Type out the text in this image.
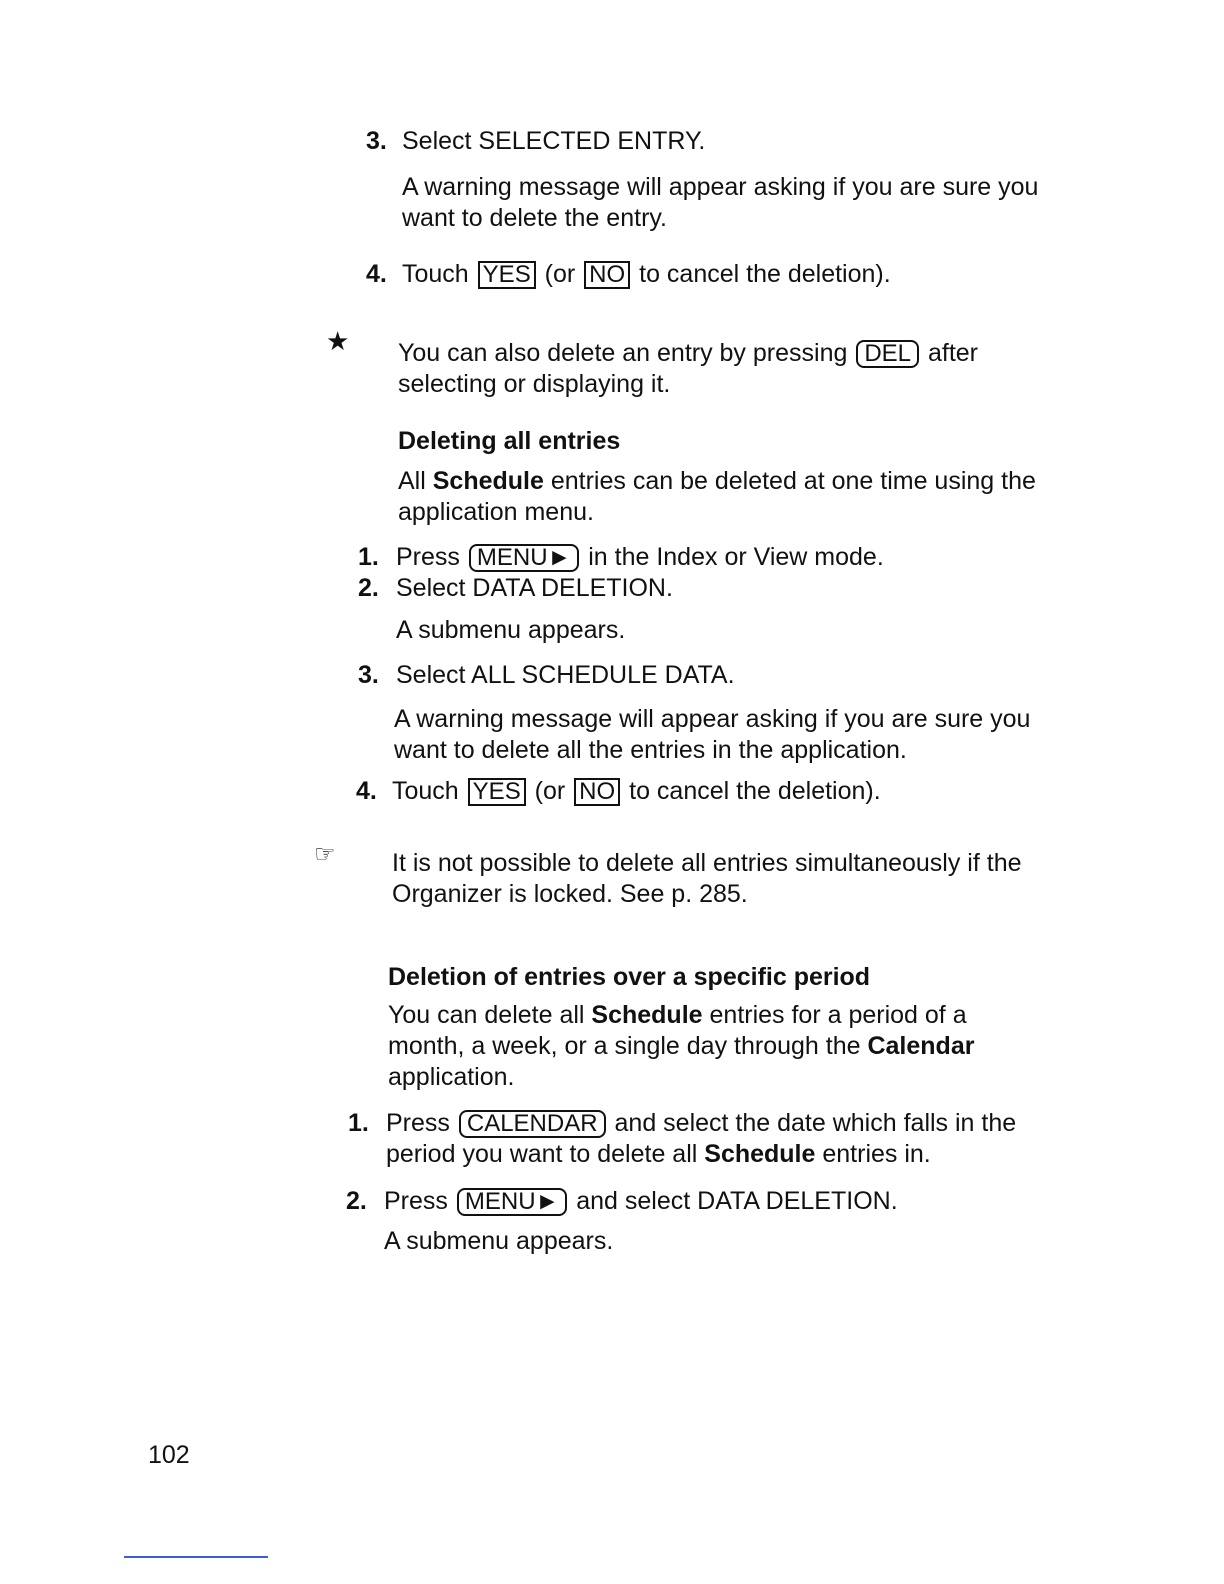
3. Select SELECTED ENTRY.
A warning message will appear asking if you are sure you want to delete the entry.
4. Touch YES (or NO to cancel the deletion).
★ You can also delete an entry by pressing DEL after selecting or displaying it.
Deleting all entries
All Schedule entries can be deleted at one time using the application menu.
1. Press MENU► in the Index or View mode.
2. Select DATA DELETION.
A submenu appears.
3. Select ALL SCHEDULE DATA.
A warning message will appear asking if you are sure you want to delete all the entries in the application.
4. Touch YES (or NO to cancel the deletion).
☞ It is not possible to delete all entries simultaneously if the Organizer is locked. See p. 285.
Deletion of entries over a specific period
You can delete all Schedule entries for a period of a month, a week, or a single day through the Calendar application.
1. Press CALENDAR and select the date which falls in the period you want to delete all Schedule entries in.
2. Press MENU► and select DATA DELETION.
A submenu appears.
102
